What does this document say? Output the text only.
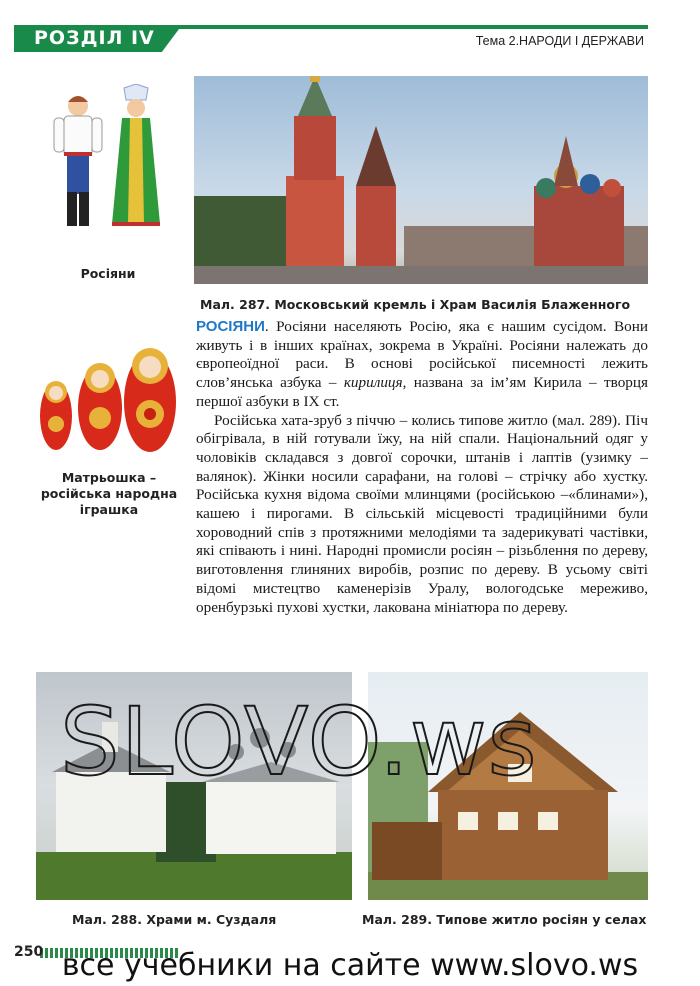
РОЗДІЛ IV	Тема 2.НАРОДИ І ДЕРЖАВИ
Росіяни
Мал. 287. Московський кремль і Храм Василія Блаженного
Матрьошка –
російська народна
іграшка

РОСІЯНИ. Росіяни населяють Росію, яка є нашим сусідом. Вони живуть і в інших країнах, зокрема в Україні. Росіяни належать до європеоїдної раси. В основі російської писемності лежить слов’янська азбука – кирилиця, названа за ім’ям Кирила – творця першої азбуки в IX ст.

Російська хата-зруб з піччю – колись типове житло (мал. 289). Піч обігрівала, в ній готували їжу, на ній спали. Національний одяг у чоловіків складався з довгої сорочки, штанів і лаптів (узимку – валянок). Жінки носили сарафани, на голові – стрічку або хустку. Російська кухня відома своїми млинцями (російською –«блинами»), кашею і пирогами. В сільській місцевості традиційними були хороводний спів з протяжними мелодіями та задерикуваті частівки, які співають і нині. Народні промисли росіян – різьблення по дереву, виготовлення глиняних виробів, розпис по дереву. В усьому світі відомі мистецтво каменерізів Уралу, вологодське мереживо, оренбурзькі пухові хустки, лакована мініатюра по дереву.

Мал. 288. Храми м. Суздаля	Мал. 289. Типове житло росіян у селах
SLOVO.ws
250 все учебники на сайте www.slovo.ws
